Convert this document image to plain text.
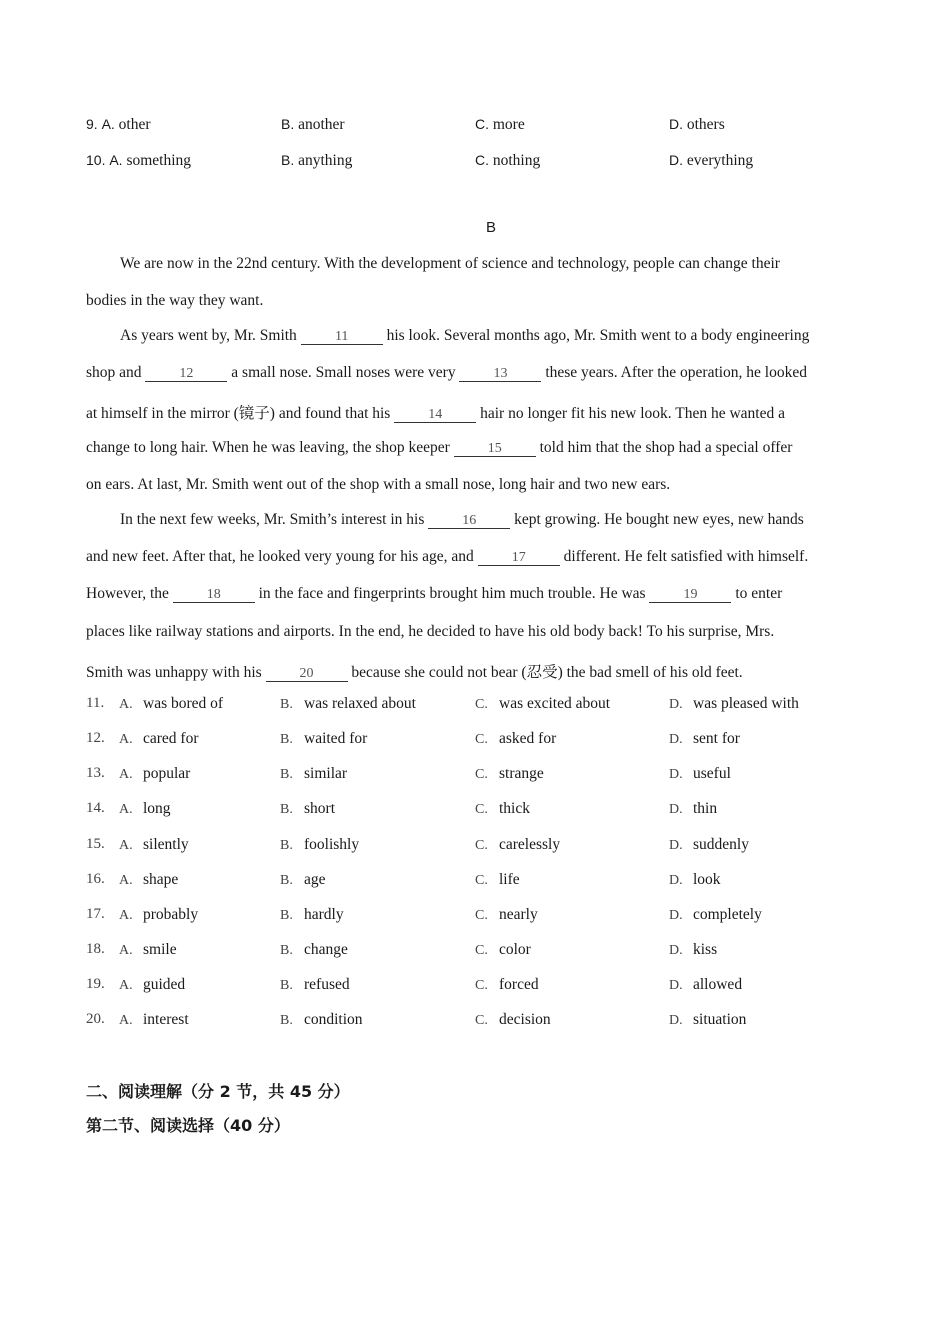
9. A. other	B. another	C. more	D. others
10. A. something	B. anything	C. nothing	D. everything
B
We are now in the 22nd century. With the development of science and technology, people can change their
bodies in the way they want.
As years went by, Mr. Smith	11 his look. Several months ago, Mr. Smith went to a body engineering
shop and	12 a small nose. Small noses were very	13 these years. After the operation, he looked
at himself in the mirror (镜子) and found that his	14 hair no longer fit his new look. Then he wanted a
change to long hair. When he was leaving, the shop keeper	15 told him that the shop had a special offer
on ears. At last, Mr. Smith went out of the shop with a small nose, long hair and two new ears.
In the next few weeks, Mr. Smith’s interest in his	16 kept growing. He bought new eyes, new hands
and new feet. After that, he looked very young for his age, and	17 different. He felt satisfied with himself.
However, the	18 in the face and fingerprints brought him much trouble. He was	19 to enter
places like railway stations and airports. In the end, he decided to have his old body back! To his surprise, Mrs.
Smith was unhappy with his	20 because she could not bear (忍受) the bad smell of his old feet.
11. A. was bored of	B. was relaxed about	C. was excited about	D. was pleased with
12. A. cared for	B. waited for	C. asked for	D. sent for
13. A. popular	B. similar	C. strange	D. useful
14. A. long	B. short	C. thick	D. thin
15. A. silently	B. foolishly	C. carelessly	D. suddenly
16. A. shape	B. age	C. life	D. look
17. A. probably	B. hardly	C. nearly	D. completely
18. A. smile	B. change	C. color	D. kiss
19. A. guided	B. refused	C. forced	D. allowed
20. A. interest	B. condition	C. decision	D. situation
二、阅读理解（分 2 节，共 45 分）
第二节、阅读选择（40 分）
